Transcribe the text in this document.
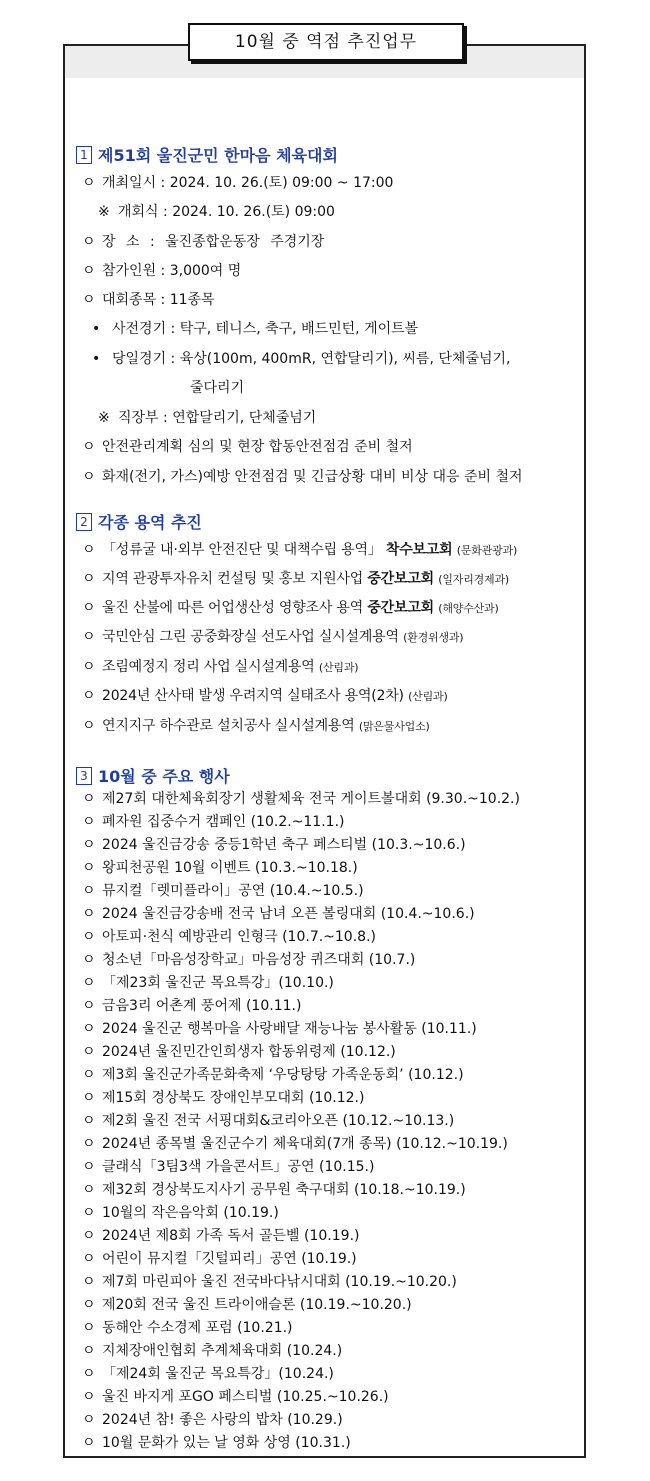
10월 중 역점 추진업무
1 제51회 울진군민 한마음 체육대회
ㅇ 개최일시 : 2024. 10. 26.(토) 09:00 ~ 17:00
※ 개회식 : 2024. 10. 26.(토) 09:00
ㅇ 장 소 : 울진종합운동장 주경기장
ㅇ 참가인원 : 3,000여 명
ㅇ 대회종목 : 11종목
• 사전경기 : 탁구, 테니스, 축구, 배드민턴, 게이트볼
• 당일경기 : 육상(100m, 400mR, 연합달리기), 씨름, 단체줄넘기,
줄다리기
※ 직장부 : 연합달리기, 단체줄넘기
ㅇ 안전관리계획 심의 및 현장 합동안전점검 준비 철저
ㅇ 화재(전기, 가스)예방 안전점검 및 긴급상황 대비 비상 대응 준비 철저
2 각종 용역 추진
ㅇ 「성류굴 내·외부 안전진단 및 대책수립 용역」 착수보고회 (문화관광과)
ㅇ 지역 관광투자유치 컨설팅 및 홍보 지원사업 중간보고회 (일자리경제과)
ㅇ 울진 산불에 따른 어업생산성 영향조사 용역 중간보고회 (해양수산과)
ㅇ 국민안심 그린 공중화장실 선도사업 실시설계용역 (환경위생과)
ㅇ 조림예정지 정리 사업 실시설계용역 (산림과)
ㅇ 2024년 산사태 발생 우려지역 실태조사 용역(2차) (산림과)
ㅇ 연지지구 하수관로 설치공사 실시설계용역 (맑은물사업소)
3 10월 중 주요 행사
ㅇ 제27회 대한체육회장기 생활체육 전국 게이트볼대회 (9.30.~10.2.)
ㅇ 폐자원 집중수거 캠페인 (10.2.~11.1.)
ㅇ 2024 울진금강송 중등1학년 축구 페스티벌 (10.3.~10.6.)
ㅇ 왕피천공원 10월 이벤트 (10.3.~10.18.)
ㅇ 뮤지컬「렛미플라이」공연 (10.4.~10.5.)
ㅇ 2024 울진금강송배 전국 남녀 오픈 볼링대회 (10.4.~10.6.)
ㅇ 아토피·천식 예방관리 인형극 (10.7.~10.8.)
ㅇ 청소년「마음성장학교」마음성장 퀴즈대회 (10.7.)
ㅇ 「제23회 울진군 목요특강」(10.10.)
ㅇ 금음3리 어촌계 풍어제 (10.11.)
ㅇ 2024 울진군 행복마을 사랑배달 재능나눔 봉사활동 (10.11.)
ㅇ 2024년 울진민간인희생자 합동위령제 (10.12.)
ㅇ 제3회 울진군가족문화축제 ‘우당탕탕 가족운동회’ (10.12.)
ㅇ 제15회 경상북도 장애인부모대회 (10.12.)
ㅇ 제2회 울진 전국 서핑대회&코리아오픈 (10.12.~10.13.)
ㅇ 2024년 종목별 울진군수기 체육대회(7개 종목) (10.12.~10.19.)
ㅇ 클래식「3팀3색 가을콘서트」공연 (10.15.)
ㅇ 제32회 경상북도지사기 공무원 축구대회 (10.18.~10.19.)
ㅇ 10월의 작은음악회 (10.19.)
ㅇ 2024년 제8회 가족 독서 골든벨 (10.19.)
ㅇ 어린이 뮤지컬「깃털피리」공연 (10.19.)
ㅇ 제7회 마린피아 울진 전국바다낚시대회 (10.19.~10.20.)
ㅇ 제20회 전국 울진 트라이애슬론 (10.19.~10.20.)
ㅇ 동해안 수소경제 포럼 (10.21.)
ㅇ 지체장애인협회 추계체육대회 (10.24.)
ㅇ 「제24회 울진군 목요특강」(10.24.)
ㅇ 울진 바지게 포GO 페스티벌 (10.25.~10.26.)
ㅇ 2024년 참! 좋은 사랑의 밥차 (10.29.)
ㅇ 10월 문화가 있는 날 영화 상영 (10.31.)
